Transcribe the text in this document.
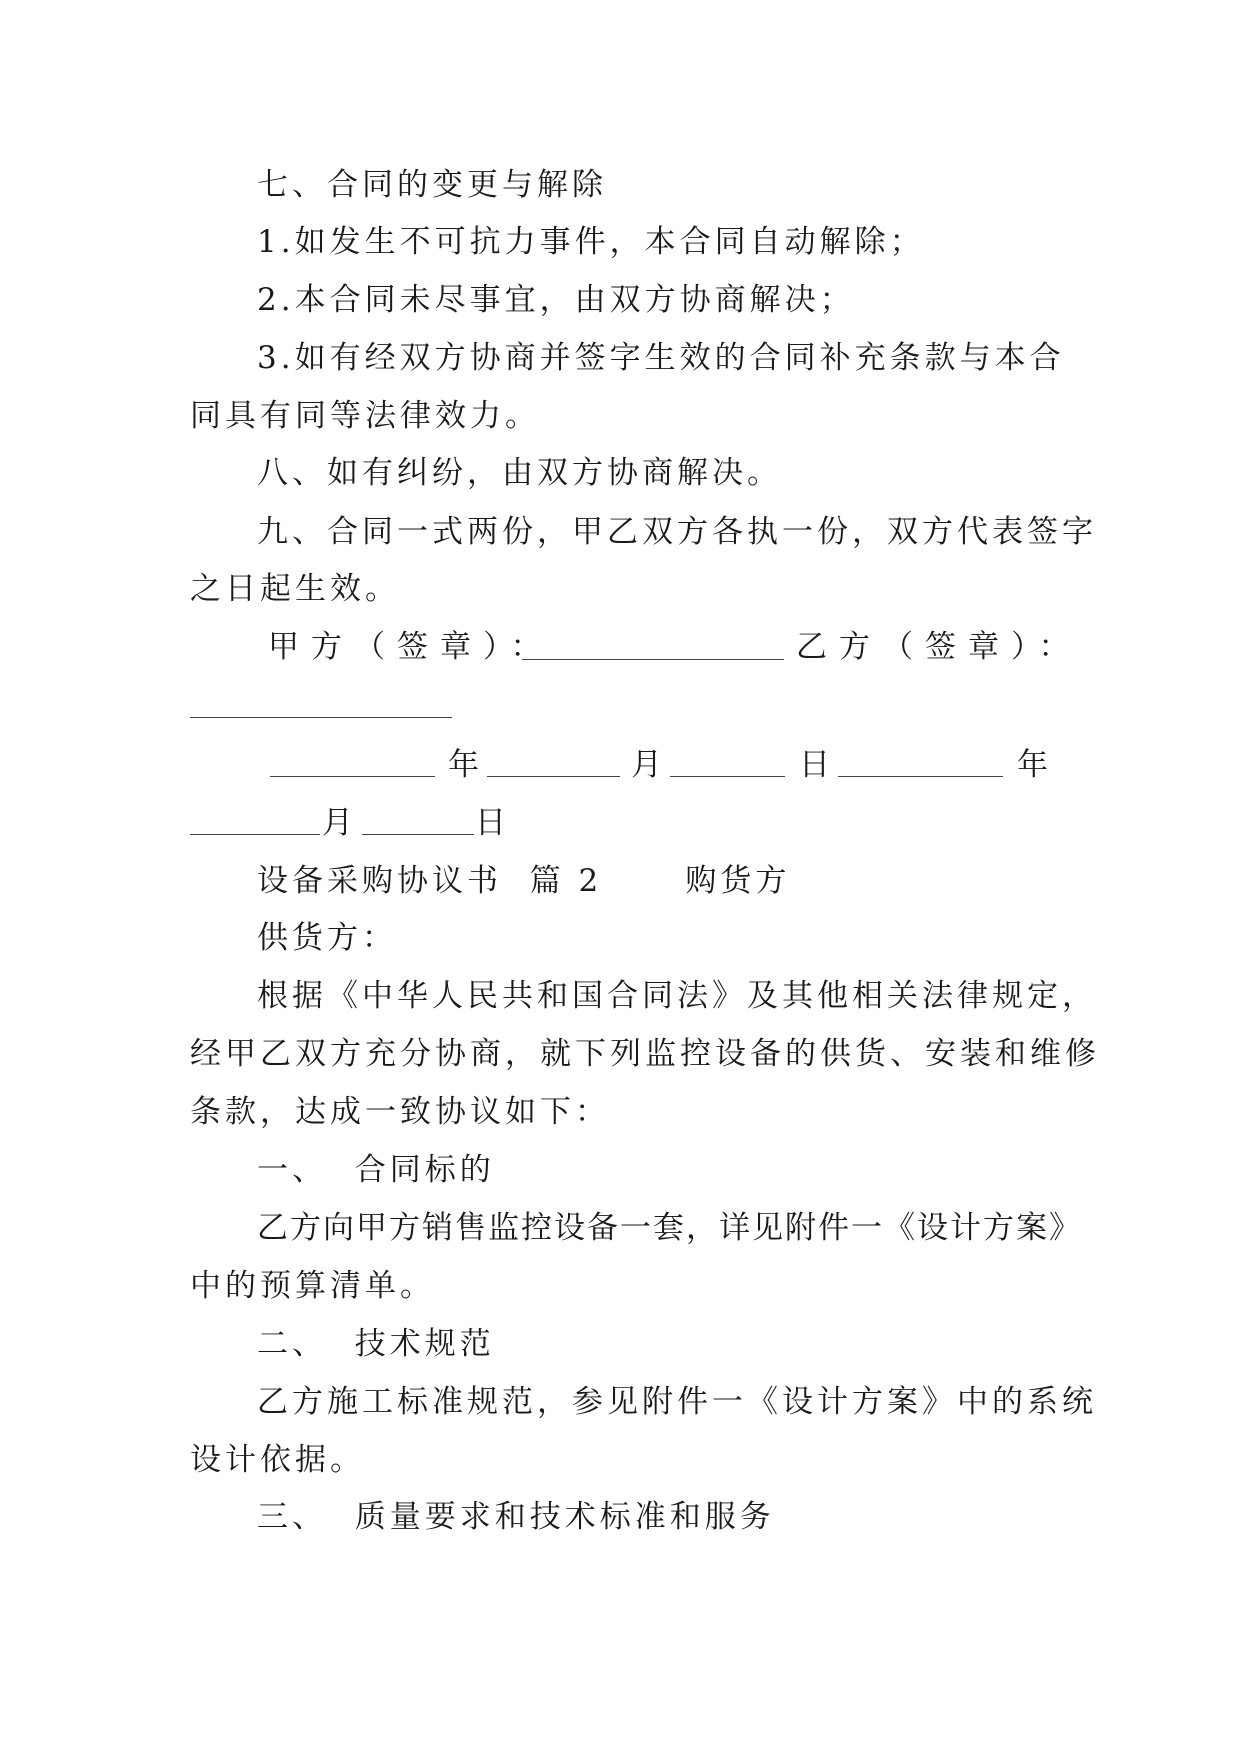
七、合同的变更与解除
1.如发生不可抗力事件，本合同自动解除；
2.本合同未尽事宜，由双方协商解决；
3.如有经双方协商并签字生效的合同补充条款与本合
同具有同等法律效力。
八、如有纠纷，由双方协商解决。
九、合同一式两份，甲乙双方各执一份，双方代表签字
之日起生效。
甲方（签章）：	乙方（签章）：
年	月	日	年
月	日
设备采购协议书  篇 2      购货方
供货方：
根据《中华人民共和国合同法》及其他相关法律规定，
经甲乙双方充分协商，就下列监控设备的供货、安装和维修
条款，达成一致协议如下：
一、  合同标的
乙方向甲方销售监控设备一套，详见附件一《设计方案》
中的预算清单。
二、  技术规范
乙方施工标准规范，参见附件一《设计方案》中的系统
设计依据。
三、  质量要求和技术标准和服务
